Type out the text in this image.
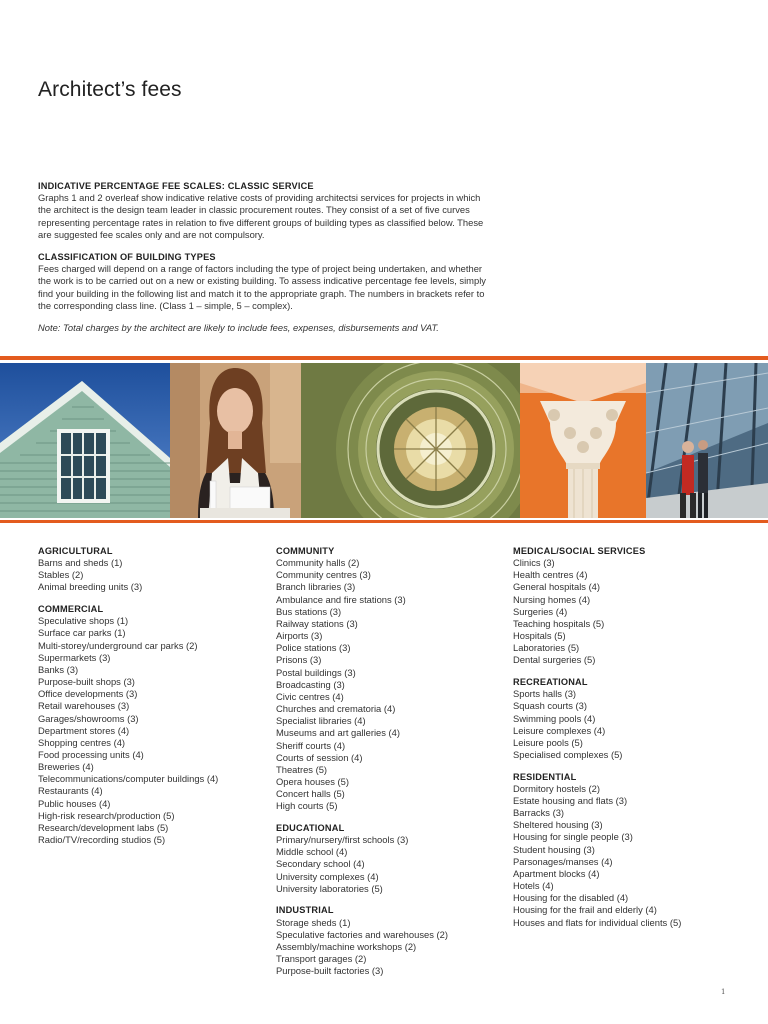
Architect’s fees
INDICATIVE PERCENTAGE FEE SCALES: CLASSIC SERVICE

Graphs 1 and 2 overleaf show indicative relative costs of providing architectsi services for projects in which the architect is the design team leader in classic procurement routes. They consist of a set of five curves representing percentage rates in relation to five different groups of building types as classified below. These are suggested fee scales only and are not compulsory.

CLASSIFICATION OF BUILDING TYPES

Fees charged will depend on a range of factors including the type of project being undertaken, and whether the work is to be carried out on a new or existing building. To assess indicative percentage fee levels, simply find your building in the following list and match it to the appropriate graph. The numbers in brackets refer to the corresponding class line. (Class 1 – simple, 5 – complex).

Note: Total charges by the architect are likely to include fees, expenses, disbursements and VAT.

AGRICULTURAL
Barns and sheds (1)
Stables (2)
Animal breeding units (3)
COMMERCIAL
Speculative shops (1)
Surface car parks (1)
Multi-storey/underground car parks (2)
Supermarkets (3)
Banks (3)
Purpose-built shops (3)
Office developments (3)
Retail warehouses (3)
Garages/showrooms (3)
Department stores (4)
Shopping centres (4)
Food processing units (4)
Breweries (4)
Telecommunications/computer buildings (4)
Restaurants (4)
Public houses (4)
High-risk research/production (5)
Research/development labs (5)
Radio/TV/recording studios (5)
COMMUNITY
Community halls (2)
Community centres (3)
Branch libraries (3)
Ambulance and fire stations (3)
Bus stations (3)
Railway stations (3)
Airports (3)
Police stations (3)
Prisons (3)
Postal buildings (3)
Broadcasting (3)
Civic centres (4)
Churches and crematoria (4)
Specialist libraries (4)
Museums and art galleries (4)
Sheriff courts (4)
Courts of session (4)
Theatres (5)
Opera houses (5)
Concert halls (5)
High courts (5)
EDUCATIONAL
Primary/nursery/first schools (3)
Middle school (4)
Secondary school (4)
University complexes (4)
University laboratories (5)
INDUSTRIAL
Storage sheds (1)
Speculative factories and warehouses (2)
Assembly/machine workshops (2)
Transport garages (2)
Purpose-built factories (3)
MEDICAL/SOCIAL SERVICES
Clinics (3)
Health centres (4)
General hospitals (4)
Nursing homes (4)
Surgeries (4)
Teaching hospitals (5)
Hospitals (5)
Laboratories (5)
Dental surgeries (5)
RECREATIONAL
Sports halls (3)
Squash courts (3)
Swimming pools (4)
Leisure complexes (4)
Leisure pools (5)
Specialised complexes (5)
RESIDENTIAL
Dormitory hostels (2)
Estate housing and flats (3)
Barracks (3)
Sheltered housing (3)
Housing for single people (3)
Student housing (3)
Parsonages/manses (4)
Apartment blocks (4)
Hotels (4)
Housing for the disabled (4)
Housing for the frail and elderly (4)
Houses and flats for individual clients (5)
1
